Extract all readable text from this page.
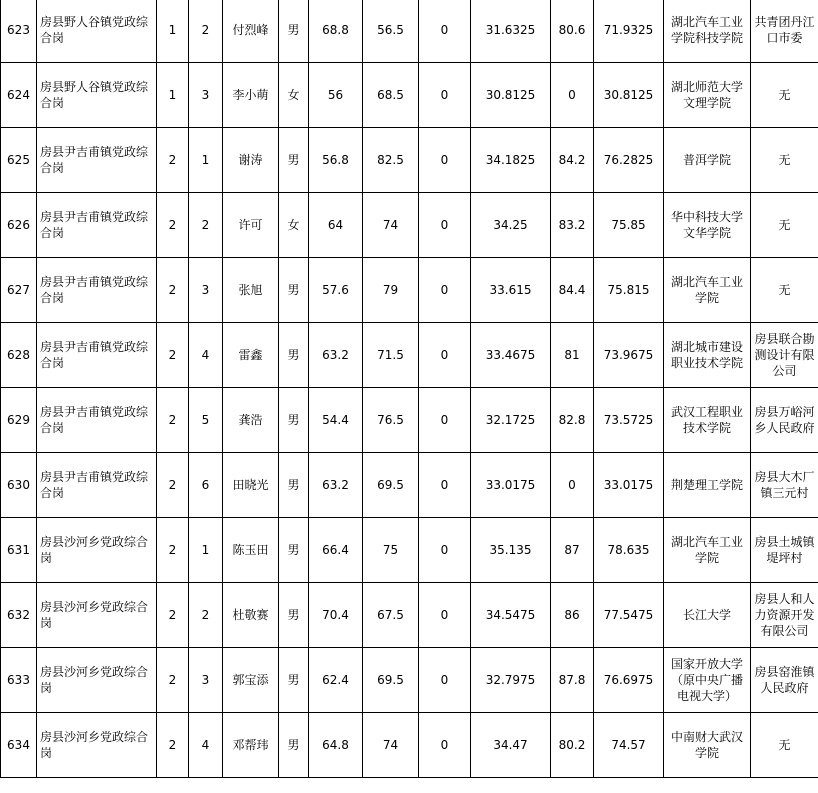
623	房县野人谷镇党政综合岗	1	2	付烈峰	男	68.8	56.5	0	31.6325	80.6	71.9325	湖北汽车工业学院科技学院	共青团丹江口市委
624	房县野人谷镇党政综合岗	1	3	李小萌	女	56	68.5	0	30.8125	0	30.8125	湖北师范大学文理学院	无
625	房县尹吉甫镇党政综合岗	2	1	谢涛	男	56.8	82.5	0	34.1825	84.2	76.2825	普洱学院	无
626	房县尹吉甫镇党政综合岗	2	2	许可	女	64	74	0	34.25	83.2	75.85	华中科技大学文华学院	无
627	房县尹吉甫镇党政综合岗	2	3	张旭	男	57.6	79	0	33.615	84.4	75.815	湖北汽车工业学院	无
628	房县尹吉甫镇党政综合岗	2	4	雷鑫	男	63.2	71.5	0	33.4675	81	73.9675	湖北城市建设职业技术学院	房县联合勘测设计有限公司
629	房县尹吉甫镇党政综合岗	2	5	龚浩	男	54.4	76.5	0	32.1725	82.8	73.5725	武汉工程职业技术学院	房县万峪河乡人民政府
630	房县尹吉甫镇党政综合岗	2	6	田晓光	男	63.2	69.5	0	33.0175	0	33.0175	荆楚理工学院	房县大木厂镇三元村
631	房县沙河乡党政综合岗	2	1	陈玉田	男	66.4	75	0	35.135	87	78.635	湖北汽车工业学院	房县土城镇堤坪村
632	房县沙河乡党政综合岗	2	2	杜敬赛	男	70.4	67.5	0	34.5475	86	77.5475	长江大学	房县人和人力资源开发有限公司
633	房县沙河乡党政综合岗	2	3	郭宝添	男	62.4	69.5	0	32.7975	87.8	76.6975	国家开放大学（原中央广播电视大学）	房县窑淮镇人民政府
634	房县沙河乡党政综合岗	2	4	邓帮玮	男	64.8	74	0	34.47	80.2	74.57	中南财大武汉学院	无
